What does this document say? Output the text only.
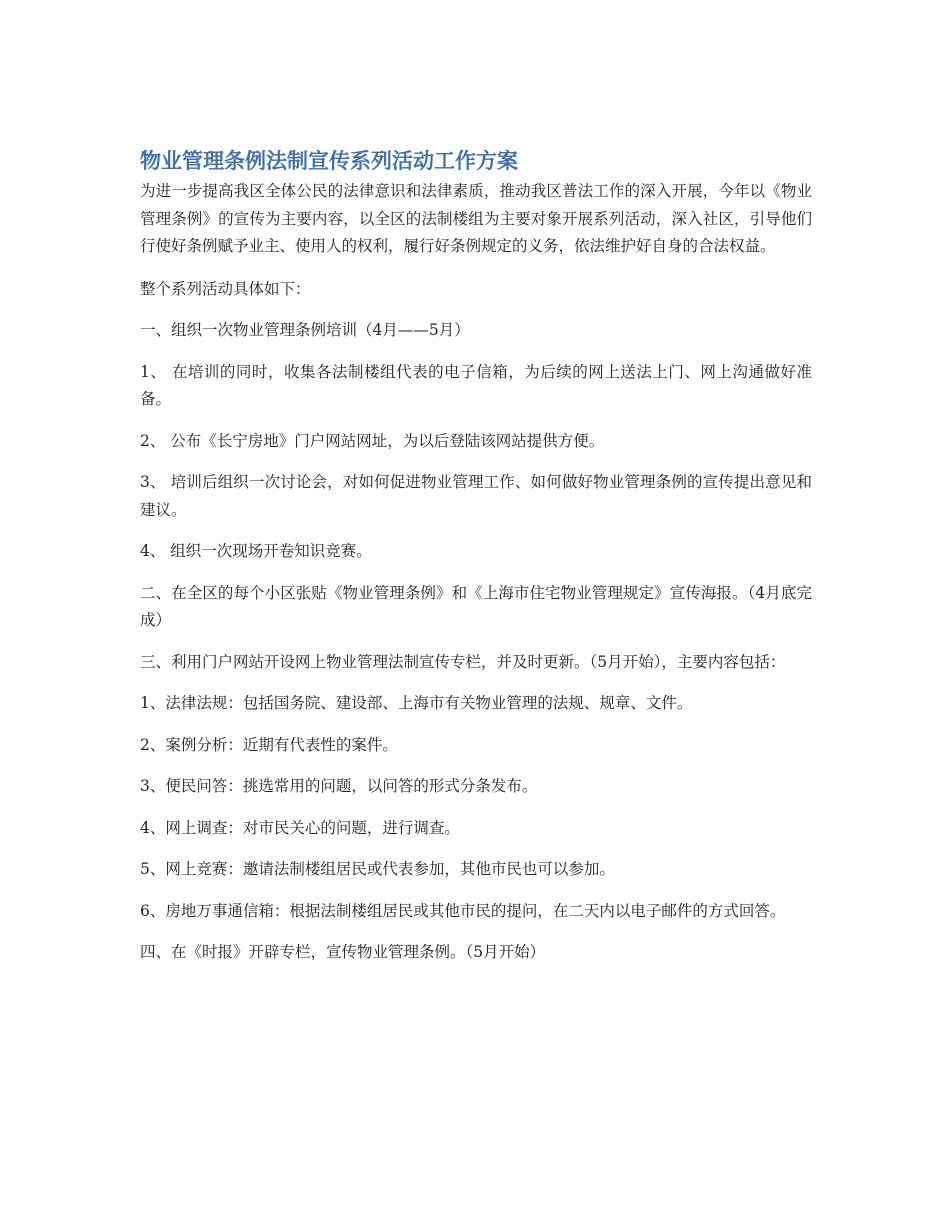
物业管理条例法制宣传系列活动工作方案
为进一步提高我区全体公民的法律意识和法律素质，推动我区普法工作的深入开展，今年以《物业管理条例》的宣传为主要内容，以全区的法制楼组为主要对象开展系列活动，深入社区，引导他们行使好条例赋予业主、使用人的权利，履行好条例规定的义务，依法维护好自身的合法权益。
整个系列活动具体如下：
一、组织一次物业管理条例培训（4月——5月）
1、 在培训的同时，收集各法制楼组代表的电子信箱，为后续的网上送法上门、网上沟通做好准备。
2、 公布《长宁房地》门户网站网址，为以后登陆该网站提供方便。
3、 培训后组织一次讨论会，对如何促进物业管理工作、如何做好物业管理条例的宣传提出意见和建议。
4、 组织一次现场开卷知识竞赛。
二、在全区的每个小区张贴《物业管理条例》和《上海市住宅物业管理规定》宣传海报。（4月底完成）
三、利用门户网站开设网上物业管理法制宣传专栏，并及时更新。（5月开始），主要内容包括：
1、法律法规：包括国务院、建设部、上海市有关物业管理的法规、规章、文件。
2、案例分析：近期有代表性的案件。
3、便民问答：挑选常用的问题，以问答的形式分条发布。
4、网上调查：对市民关心的问题，进行调查。
5、网上竞赛：邀请法制楼组居民或代表参加，其他市民也可以参加。
6、房地万事通信箱：根据法制楼组居民或其他市民的提问，在二天内以电子邮件的方式回答。
四、在《时报》开辟专栏，宣传物业管理条例。（5月开始）
